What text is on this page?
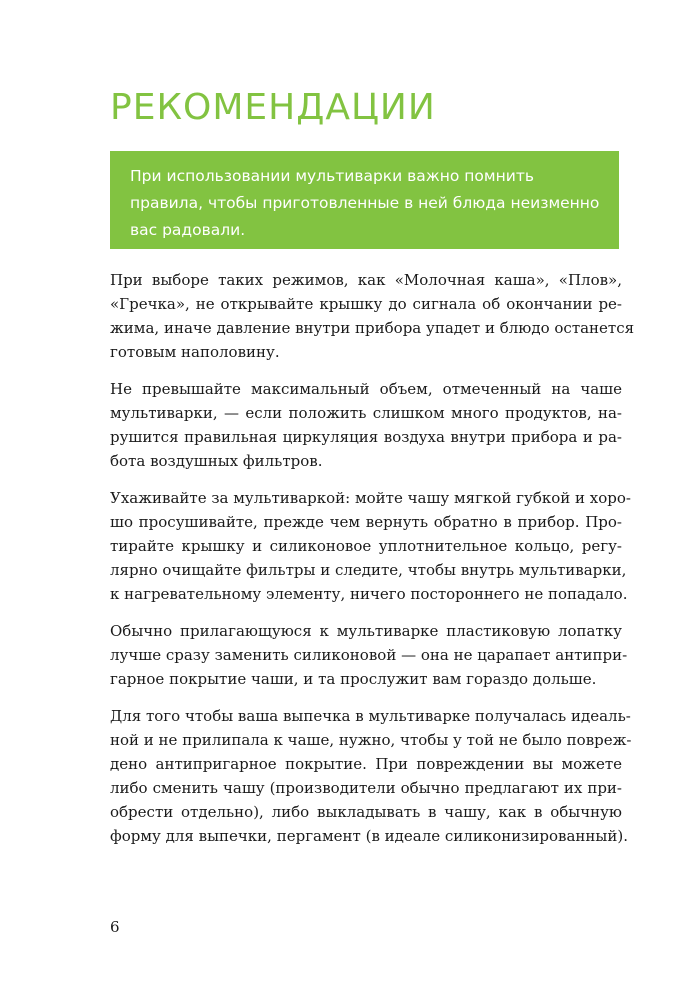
РЕКОМЕНДАЦИИ

При использовании мультиварки важно помнить
правила, чтобы приготовленные в ней блюда неизменно
вас радовали.

При выборе таких режимов, как «Молочная каша», «Плов»,
«Гречка», не открывайте крышку до сигнала об окончании ре-
жима, иначе давление внутри прибора упадет и блюдо останется
готовым наполовину.

Не превышайте максимальный объем, отмеченный на чаше
мультиварки, — если положить слишком много продуктов, на-
рушится правильная циркуляция воздуха внутри прибора и ра-
бота воздушных фильтров.

Ухаживайте за мультиваркой: мойте чашу мягкой губкой и хоро-
шо просушивайте, прежде чем вернуть обратно в прибор. Про-
тирайте крышку и силиконовое уплотнительное кольцо, регу-
лярно очищайте фильтры и следите, чтобы внутрь мультиварки,
к нагревательному элементу, ничего постороннего не попадало.

Обычно прилагающуюся к мультиварке пластиковую лопатку
лучше сразу заменить силиконовой — она не царапает антипри-
гарное покрытие чаши, и та прослужит вам гораздо дольше.

Для того чтобы ваша выпечка в мультиварке получалась идеаль-
ной и не прилипала к чаше, нужно, чтобы у той не было повреж-
дено антипригарное покрытие. При повреждении вы можете
либо сменить чашу (производители обычно предлагают их при-
обрести отдельно), либо выкладывать в чашу, как в обычную
форму для выпечки, пергамент (в идеале силиконизированный).

6
